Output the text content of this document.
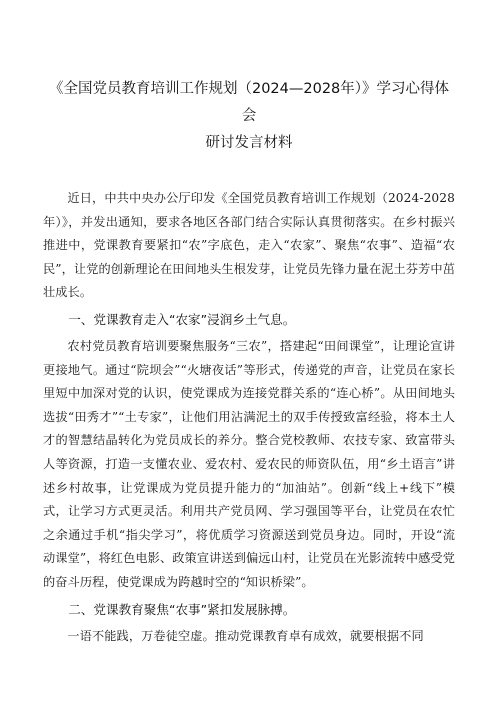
《全国党员教育培训工作规划（2024—2028年）》学习心得体会
研讨发言材料

近日，中共中央办公厅印发《全国党员教育培训工作规划（2024-2028年）》，并发出通知，要求各地区各部门结合实际认真贯彻落实。在乡村振兴推进中，党课教育要紧扣“农”字底色，走入“农家”、聚焦“农事”、造福“农民”，让党的创新理论在田间地头生根发芽，让党员先锋力量在泥土芬芳中茁壮成长。

一、党课教育走入“农家”浸润乡土气息。

农村党员教育培训要聚焦服务“三农”，搭建起“田间课堂”，让理论宣讲更接地气。通过“院坝会”“火塘夜话”等形式，传递党的声音，让党员在家长里短中加深对党的认识，使党课成为连接党群关系的“连心桥”。从田间地头选拔“田秀才”“土专家”，让他们用沾满泥土的双手传授致富经验，将本土人才的智慧结晶转化为党员成长的养分。整合党校教师、农技专家、致富带头人等资源，打造一支懂农业、爱农村、爱农民的师资队伍，用“乡土语言”讲述乡村故事，让党课成为党员提升能力的“加油站”。创新“线上+线下”模式，让学习方式更灵活。利用共产党员网、学习强国等平台，让党员在农忙之余通过手机“指尖学习”，将优质学习资源送到党员身边。同时，开设“流动课堂”，将红色电影、政策宣讲送到偏远山村，让党员在光影流转中感受党的奋斗历程，使党课成为跨越时空的“知识桥梁”。

二、党课教育聚焦“农事”紧扣发展脉搏。

一语不能践，万卷徒空虚。推动党课教育卓有成效，就要根据不同
